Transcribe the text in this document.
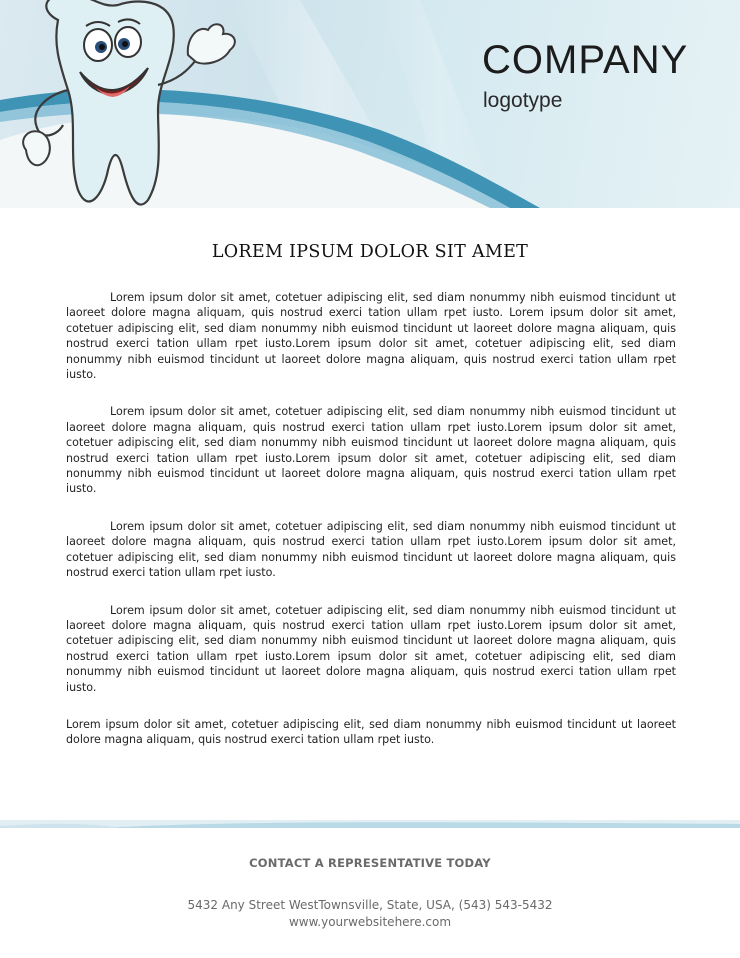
COMPANY
logotype
LOREM IPSUM DOLOR SIT AMET

Lorem ipsum dolor sit amet, cotetuer adipiscing elit, sed diam nonummy nibh euismod tincidunt ut laoreet dolore magna aliquam, quis nostrud exerci tation ullam rpet iusto. Lorem ipsum dolor sit amet, cotetuer adipiscing elit, sed diam nonummy nibh euismod tincidunt ut laoreet dolore magna aliquam, quis nostrud exerci tation ullam rpet iusto.Lorem ipsum dolor sit amet, cotetuer adipiscing elit, sed diam nonummy nibh euismod tincidunt ut laoreet dolore magna aliquam, quis nostrud exerci tation ullam rpet iusto.

Lorem ipsum dolor sit amet, cotetuer adipiscing elit, sed diam nonummy nibh euismod tincidunt ut laoreet dolore magna aliquam, quis nostrud exerci tation ullam rpet iusto.Lorem ipsum dolor sit amet, cotetuer adipiscing elit, sed diam nonummy nibh euismod tincidunt ut laoreet dolore magna aliquam, quis nostrud exerci tation ullam rpet iusto.Lorem ipsum dolor sit amet, cotetuer adipiscing elit, sed diam nonummy nibh euismod tincidunt ut laoreet dolore magna aliquam, quis nostrud exerci tation ullam rpet iusto.

Lorem ipsum dolor sit amet, cotetuer adipiscing elit, sed diam nonummy nibh euismod tincidunt ut laoreet dolore magna aliquam, quis nostrud exerci tation ullam rpet iusto.Lorem ipsum dolor sit amet, cotetuer adipiscing elit, sed diam nonummy nibh euismod tincidunt ut laoreet dolore magna aliquam, quis nostrud exerci tation ullam rpet iusto.

Lorem ipsum dolor sit amet, cotetuer adipiscing elit, sed diam nonummy nibh euismod tincidunt ut laoreet dolore magna aliquam, quis nostrud exerci tation ullam rpet iusto.Lorem ipsum dolor sit amet, cotetuer adipiscing elit, sed diam nonummy nibh euismod tincidunt ut laoreet dolore magna aliquam, quis nostrud exerci tation ullam rpet iusto.Lorem ipsum dolor sit amet, cotetuer adipiscing elit, sed diam nonummy nibh euismod tincidunt ut laoreet dolore magna aliquam, quis nostrud exerci tation ullam rpet iusto.

Lorem ipsum dolor sit amet, cotetuer adipiscing elit, sed diam nonummy nibh euismod tincidunt ut laoreet dolore magna aliquam, quis nostrud exerci tation ullam rpet iusto.

CONTACT A REPRESENTATIVE TODAY
5432 Any Street WestTownsville, State, USA, (543) 543-5432
www.yourwebsitehere.com
